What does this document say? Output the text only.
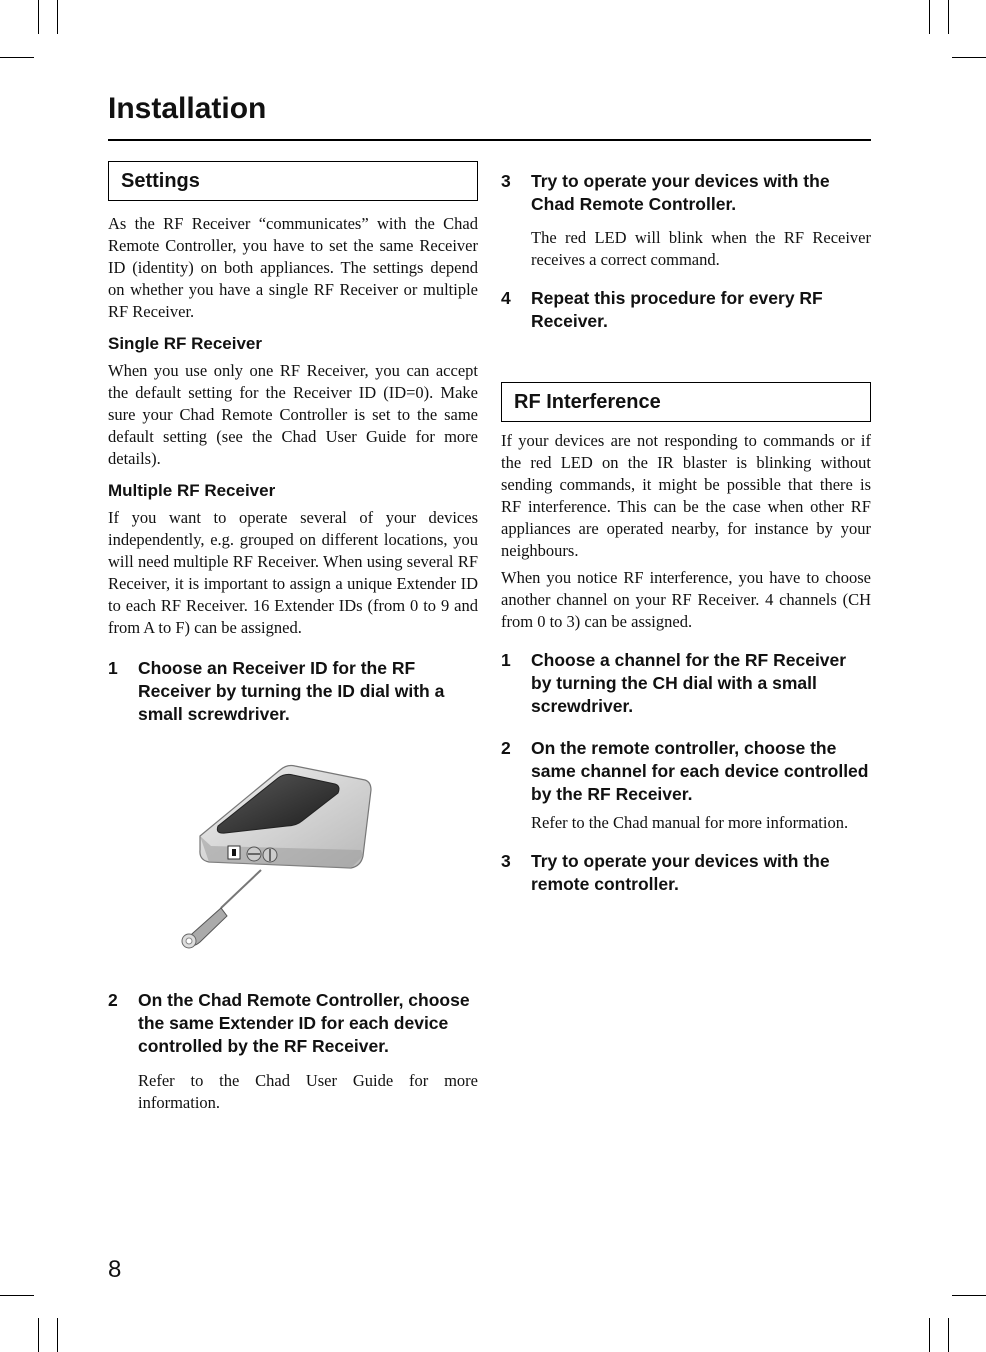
Installation
Settings

As the RF Receiver “communicates” with the Chad Remote Controller, you have to set the same Receiver ID (identity) on both appliances. The settings depend on whether you have a single RF Receiver or multiple RF Receiver.

Single RF Receiver

When you use only one RF Receiver, you can accept the default setting for the Receiver ID (ID=0). Make sure your Chad Remote Controller is set to the same default setting (see the Chad User Guide for more details).

Multiple RF Receiver

If you want to operate several of your devices independently, e.g. grouped on different locations, you will need multiple RF Receiver. When using several RF Receiver, it is important to assign a unique Extender ID to each RF Receiver. 16 Extender IDs (from 0 to 9 and from A to F) can be assigned.

1	Choose an Receiver ID for the RF Receiver by turning the ID dial with a small screwdriver.

2	On the Chad Remote Controller, choose the same Extender ID for each device controlled by the RF Receiver.

Refer to the Chad User Guide for more information.

3	Try to operate your devices with the Chad Remote Controller.

The red LED will blink when the RF Receiver receives a correct command.

4	Repeat this procedure for every RF Receiver.

RF Interference

If your devices are not responding to commands or if the red LED on the IR blaster is blinking without sending commands, it might be possible that there is RF interference. This can be the case when other RF appliances are operated nearby, for instance by your neighbours.

When you notice RF interference, you have to choose another channel on your RF Receiver. 4 channels (CH from 0 to 3) can be assigned.

1	Choose a channel for the RF Receiver by turning the CH dial with a small screwdriver.

2	On the remote controller, choose the same channel for each device controlled by the RF Receiver.

Refer to the Chad manual for more information.

3	Try to operate your devices with the remote controller.

8
